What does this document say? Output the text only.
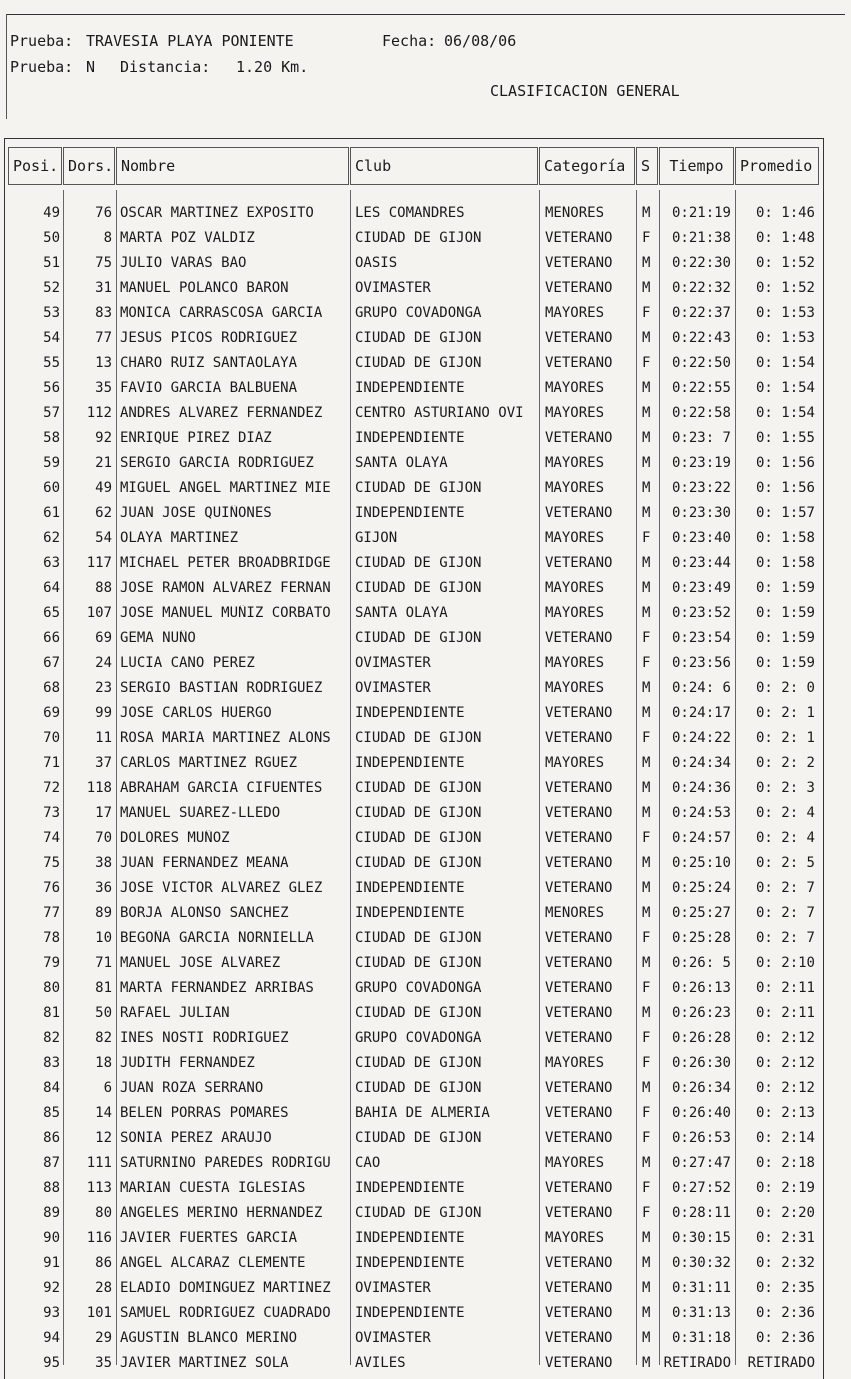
Prueba: TRAVESIA PLAYA PONIENTE	Fecha: 06/08/06
Prueba: N Distancia: 1.20 Km.
CLASIFICACION GENERAL
Posi. Dors. Nombre	Club	Categoría	S	Tiempo	Promedio
49	76 OSCAR MARTINEZ EXPOSITO	LES COMANDRES	MENORES	M	0:21:19	0: 1:46
50	8 MARTA POZ VALDIZ	CIUDAD DE GIJON	VETERANO	F	0:21:38	0: 1:48
51	75 JULIO VARAS BAO	OASIS	VETERANO	M	0:22:30	0: 1:52
52	31 MANUEL POLANCO BARON	OVIMASTER	VETERANO	M	0:22:32	0: 1:52
53	83 MONICA CARRASCOSA GARCIA	GRUPO COVADONGA	MAYORES	F	0:22:37	0: 1:53
54	77 JESUS PICOS RODRIGUEZ	CIUDAD DE GIJON	VETERANO	M	0:22:43	0: 1:53
55	13 CHARO RUIZ SANTAOLAYA	CIUDAD DE GIJON	VETERANO	F	0:22:50	0: 1:54
56	35 FAVIO GARCIA BALBUENA	INDEPENDIENTE	MAYORES	M	0:22:55	0: 1:54
57	112 ANDRES ALVAREZ FERNANDEZ	CENTRO ASTURIANO OVI	MAYORES	M	0:22:58	0: 1:54
58	92 ENRIQUE PIREZ DIAZ	INDEPENDIENTE	VETERANO	M	0:23: 7	0: 1:55
59	21 SERGIO GARCIA RODRIGUEZ	SANTA OLAYA	MAYORES	M	0:23:19	0: 1:56
60	49 MIGUEL ANGEL MARTINEZ MIE	CIUDAD DE GIJON	MAYORES	M	0:23:22	0: 1:56
61	62 JUAN JOSE QUIÑONES	INDEPENDIENTE	VETERANO	M	0:23:30	0: 1:57
62	54 OLAYA MARTINEZ	GIJON	MAYORES	F	0:23:40	0: 1:58
63	117 MICHAEL PETER BROADBRIDGE	CIUDAD DE GIJON	VETERANO	M	0:23:44	0: 1:58
64	88 JOSE RAMON ALVAREZ FERNAN	CIUDAD DE GIJON	MAYORES	M	0:23:49	0: 1:59
65	107 JOSE MANUEL MUÑIZ CORBATO	SANTA OLAYA	MAYORES	M	0:23:52	0: 1:59
66	69 GEMA NUÑO	CIUDAD DE GIJON	VETERANO	F	0:23:54	0: 1:59
67	24 LUCIA CANO PEREZ	OVIMASTER	MAYORES	F	0:23:56	0: 1:59
68	23 SERGIO BASTIAN RODRIGUEZ	OVIMASTER	MAYORES	M	0:24: 6	0: 2: 0
69	99 JOSE CARLOS HUERGO	INDEPENDIENTE	VETERANO	M	0:24:17	0: 2: 1
70	11 ROSA MARIA MARTINEZ ALONS	CIUDAD DE GIJON	VETERANO	F	0:24:22	0: 2: 1
71	37 CARLOS MARTINEZ RGUEZ	INDEPENDIENTE	MAYORES	M	0:24:34	0: 2: 2
72	118 ABRAHAM GARCIA CIFUENTES	CIUDAD DE GIJON	VETERANO	M	0:24:36	0: 2: 3
73	17 MANUEL SUAREZ-LLEDO	CIUDAD DE GIJON	VETERANO	M	0:24:53	0: 2: 4
74	70 DOLORES MUÑOZ	CIUDAD DE GIJON	VETERANO	F	0:24:57	0: 2: 4
75	38 JUAN FERNANDEZ MEANA	CIUDAD DE GIJON	VETERANO	M	0:25:10	0: 2: 5
76	36 JOSE VICTOR ALVAREZ GLEZ	INDEPENDIENTE	VETERANO	M	0:25:24	0: 2: 7
77	89 BORJA ALONSO SANCHEZ	INDEPENDIENTE	MENORES	M	0:25:27	0: 2: 7
78	10 BEGOÑA GARCIA NORNIELLA	CIUDAD DE GIJON	VETERANO	F	0:25:28	0: 2: 7
79	71 MANUEL JOSE ALVAREZ	CIUDAD DE GIJON	VETERANO	M	0:26: 5	0: 2:10
80	81 MARTA FERNANDEZ ARRIBAS	GRUPO COVADONGA	VETERANO	F	0:26:13	0: 2:11
81	50 RAFAEL JULIAN	CIUDAD DE GIJON	VETERANO	M	0:26:23	0: 2:11
82	82 INES NOSTI RODRIGUEZ	GRUPO COVADONGA	VETERANO	F	0:26:28	0: 2:12
83	18 JUDITH FERNANDEZ	CIUDAD DE GIJON	MAYORES	F	0:26:30	0: 2:12
84	6 JUAN ROZA SERRANO	CIUDAD DE GIJON	VETERANO	M	0:26:34	0: 2:12
85	14 BELEN PORRAS POMARES	BAHIA DE ALMERIA	VETERANO	F	0:26:40	0: 2:13
86	12 SONIA PEREZ ARAUJO	CIUDAD DE GIJON	VETERANO	F	0:26:53	0: 2:14
87	111 SATURNINO PAREDES RODRIGU	CAO	MAYORES	M	0:27:47	0: 2:18
88	113 MARIAN CUESTA IGLESIAS	INDEPENDIENTE	VETERANO	F	0:27:52	0: 2:19
89	80 ANGELES MERINO HERNANDEZ	CIUDAD DE GIJON	VETERANO	F	0:28:11	0: 2:20
90	116 JAVIER FUERTES GARCIA	INDEPENDIENTE	MAYORES	M	0:30:15	0: 2:31
91	86 ANGEL ALCARAZ CLEMENTE	INDEPENDIENTE	VETERANO	M	0:30:32	0: 2:32
92	28 ELADIO DOMINGUEZ MARTINEZ	OVIMASTER	VETERANO	M	0:31:11	0: 2:35
93	101 SAMUEL RODRIGUEZ CUADRADO	INDEPENDIENTE	VETERANO	M	0:31:13	0: 2:36
94	29 AGUSTIN BLANCO MERINO	OVIMASTER	VETERANO	M	0:31:18	0: 2:36
95	35 JAVIER MARTINEZ SOLA	AVILES	VETERANO	M RETIRADO	RETIRADO
